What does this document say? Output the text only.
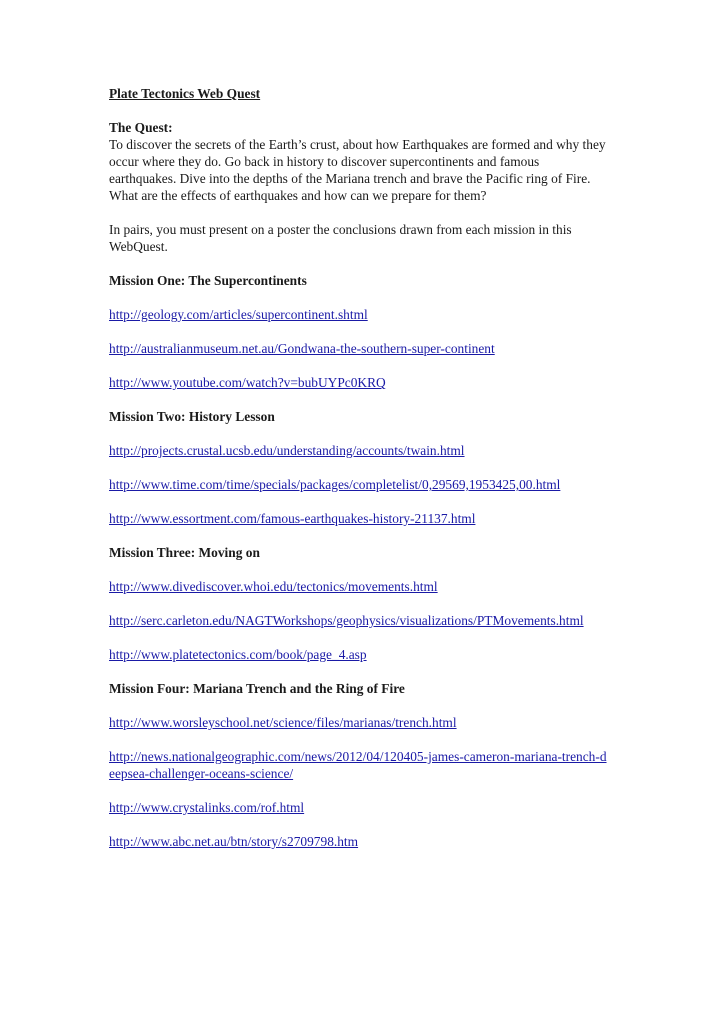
Plate Tectonics Web Quest

The Quest:

To discover the secrets of the Earth’s crust, about how Earthquakes are formed and why they occur where they do. Go back in history to discover supercontinents and famous earthquakes. Dive into the depths of the Mariana trench and brave the Pacific ring of Fire. What are the effects of earthquakes and how can we prepare for them?

In pairs, you must present on a poster the conclusions drawn from each mission in this WebQuest.

Mission One: The Supercontinents

http://geology.com/articles/supercontinent.shtml
http://australianmuseum.net.au/Gondwana-the-southern-super-continent
http://www.youtube.com/watch?v=bubUYPc0KRQ

Mission Two: History Lesson

http://projects.crustal.ucsb.edu/understanding/accounts/twain.html
http://www.time.com/time/specials/packages/completelist/0,29569,1953425,00.html
http://www.essortment.com/famous-earthquakes-history-21137.html

Mission Three: Moving on

http://www.divediscover.whoi.edu/tectonics/movements.html
http://serc.carleton.edu/NAGTWorkshops/geophysics/visualizations/PTMovements.html
http://www.platetectonics.com/book/page_4.asp

Mission Four: Mariana Trench and the Ring of Fire

http://www.worsleyschool.net/science/files/marianas/trench.html
http://news.nationalgeographic.com/news/2012/04/120405-james-cameron-mariana-trench-deepsea-challenger-oceans-science/
http://www.crystalinks.com/rof.html
http://www.abc.net.au/btn/story/s2709798.htm
